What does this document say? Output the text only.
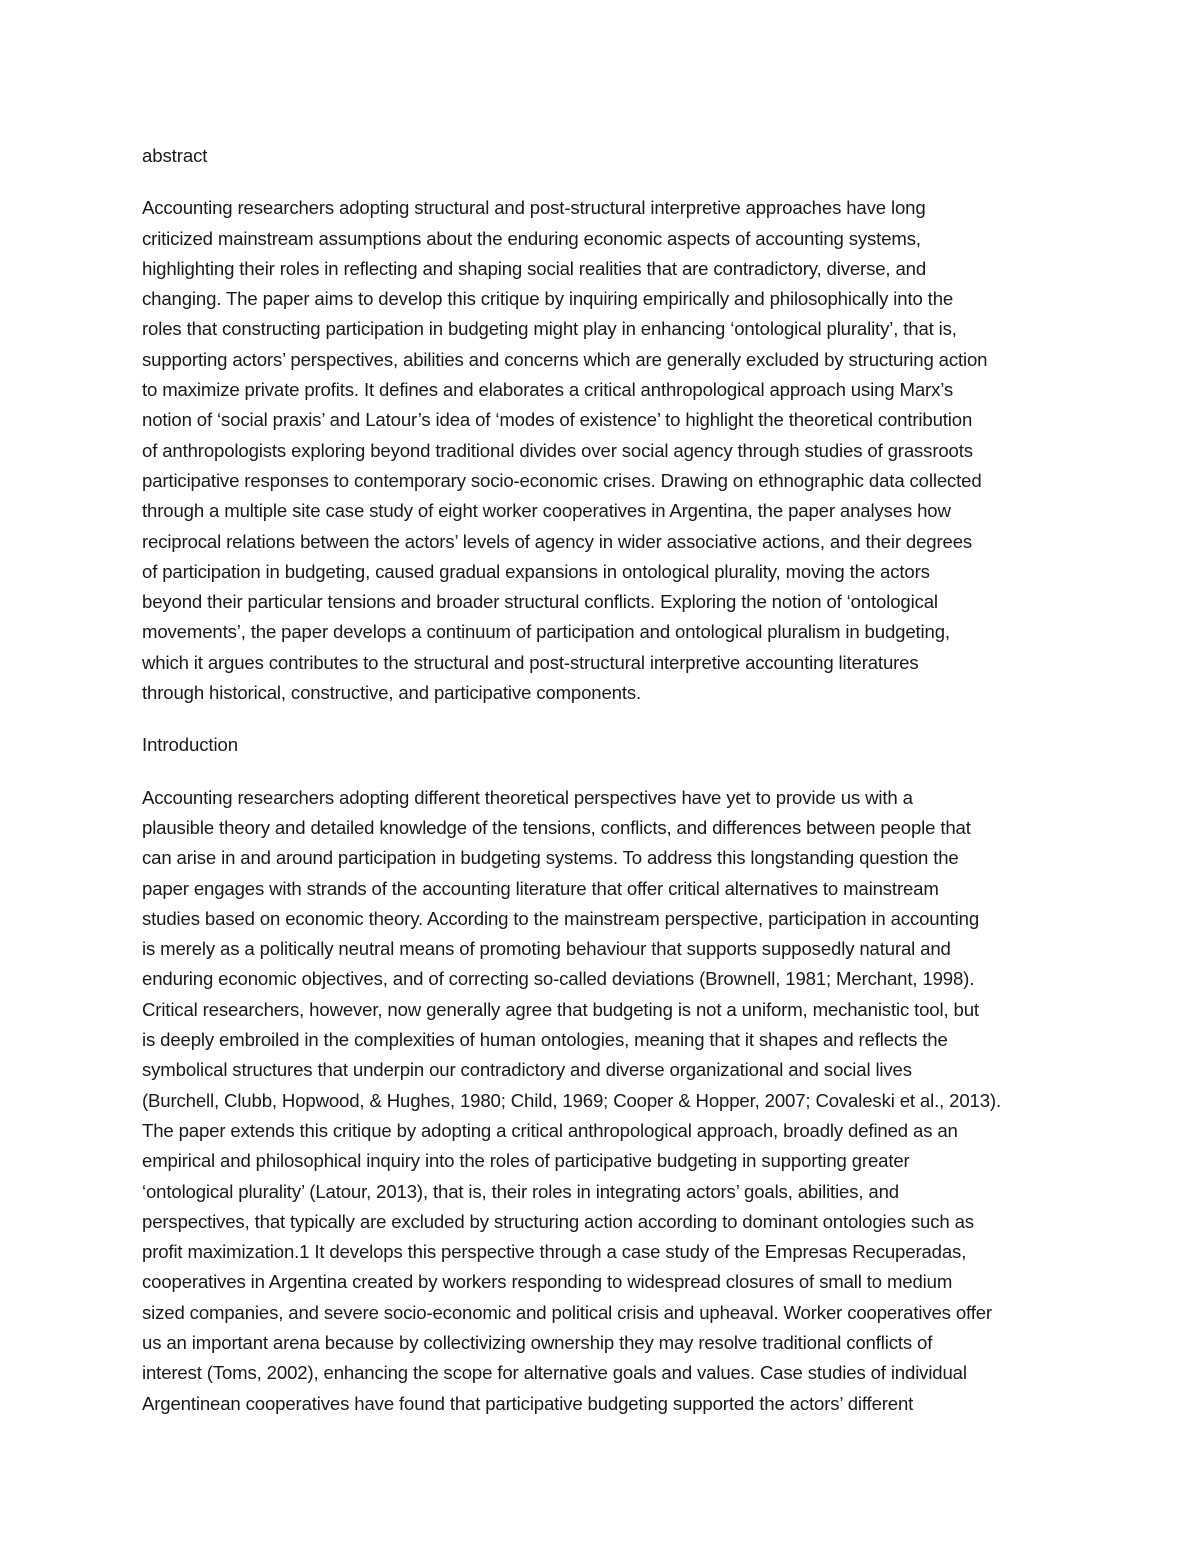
abstract
Accounting researchers adopting structural and post-structural interpretive approaches have long
criticized mainstream assumptions about the enduring economic aspects of accounting systems,
highlighting their roles in reflecting and shaping social realities that are contradictory, diverse, and
changing. The paper aims to develop this critique by inquiring empirically and philosophically into the
roles that constructing participation in budgeting might play in enhancing ‘ontological plurality’, that is,
supporting actors’ perspectives, abilities and concerns which are generally excluded by structuring action
to maximize private profits. It defines and elaborates a critical anthropological approach using Marx’s
notion of ‘social praxis’ and Latour’s idea of ‘modes of existence’ to highlight the theoretical contribution
of anthropologists exploring beyond traditional divides over social agency through studies of grassroots
participative responses to contemporary socio-economic crises. Drawing on ethnographic data collected
through a multiple site case study of eight worker cooperatives in Argentina, the paper analyses how
reciprocal relations between the actors’ levels of agency in wider associative actions, and their degrees
of participation in budgeting, caused gradual expansions in ontological plurality, moving the actors
beyond their particular tensions and broader structural conflicts. Exploring the notion of ‘ontological
movements’, the paper develops a continuum of participation and ontological pluralism in budgeting,
which it argues contributes to the structural and post-structural interpretive accounting literatures
through historical, constructive, and participative components.
Introduction
Accounting researchers adopting different theoretical perspectives have yet to provide us with a
plausible theory and detailed knowledge of the tensions, conflicts, and differences between people that
can arise in and around participation in budgeting systems. To address this longstanding question the
paper engages with strands of the accounting literature that offer critical alternatives to mainstream
studies based on economic theory. According to the mainstream perspective, participation in accounting
is merely as a politically neutral means of promoting behaviour that supports supposedly natural and
enduring economic objectives, and of correcting so-called deviations (Brownell, 1981; Merchant, 1998).
Critical researchers, however, now generally agree that budgeting is not a uniform, mechanistic tool, but
is deeply embroiled in the complexities of human ontologies, meaning that it shapes and reflects the
symbolical structures that underpin our contradictory and diverse organizational and social lives
(Burchell, Clubb, Hopwood, & Hughes, 1980; Child, 1969; Cooper & Hopper, 2007; Covaleski et al., 2013).
The paper extends this critique by adopting a critical anthropological approach, broadly defined as an
empirical and philosophical inquiry into the roles of participative budgeting in supporting greater
‘ontological plurality’ (Latour, 2013), that is, their roles in integrating actors’ goals, abilities, and
perspectives, that typically are excluded by structuring action according to dominant ontologies such as
profit maximization.1 It develops this perspective through a case study of the Empresas Recuperadas,
cooperatives in Argentina created by workers responding to widespread closures of small to medium
sized companies, and severe socio-economic and political crisis and upheaval. Worker cooperatives offer
us an important arena because by collectivizing ownership they may resolve traditional conflicts of
interest (Toms, 2002), enhancing the scope for alternative goals and values. Case studies of individual
Argentinean cooperatives have found that participative budgeting supported the actors’ different
